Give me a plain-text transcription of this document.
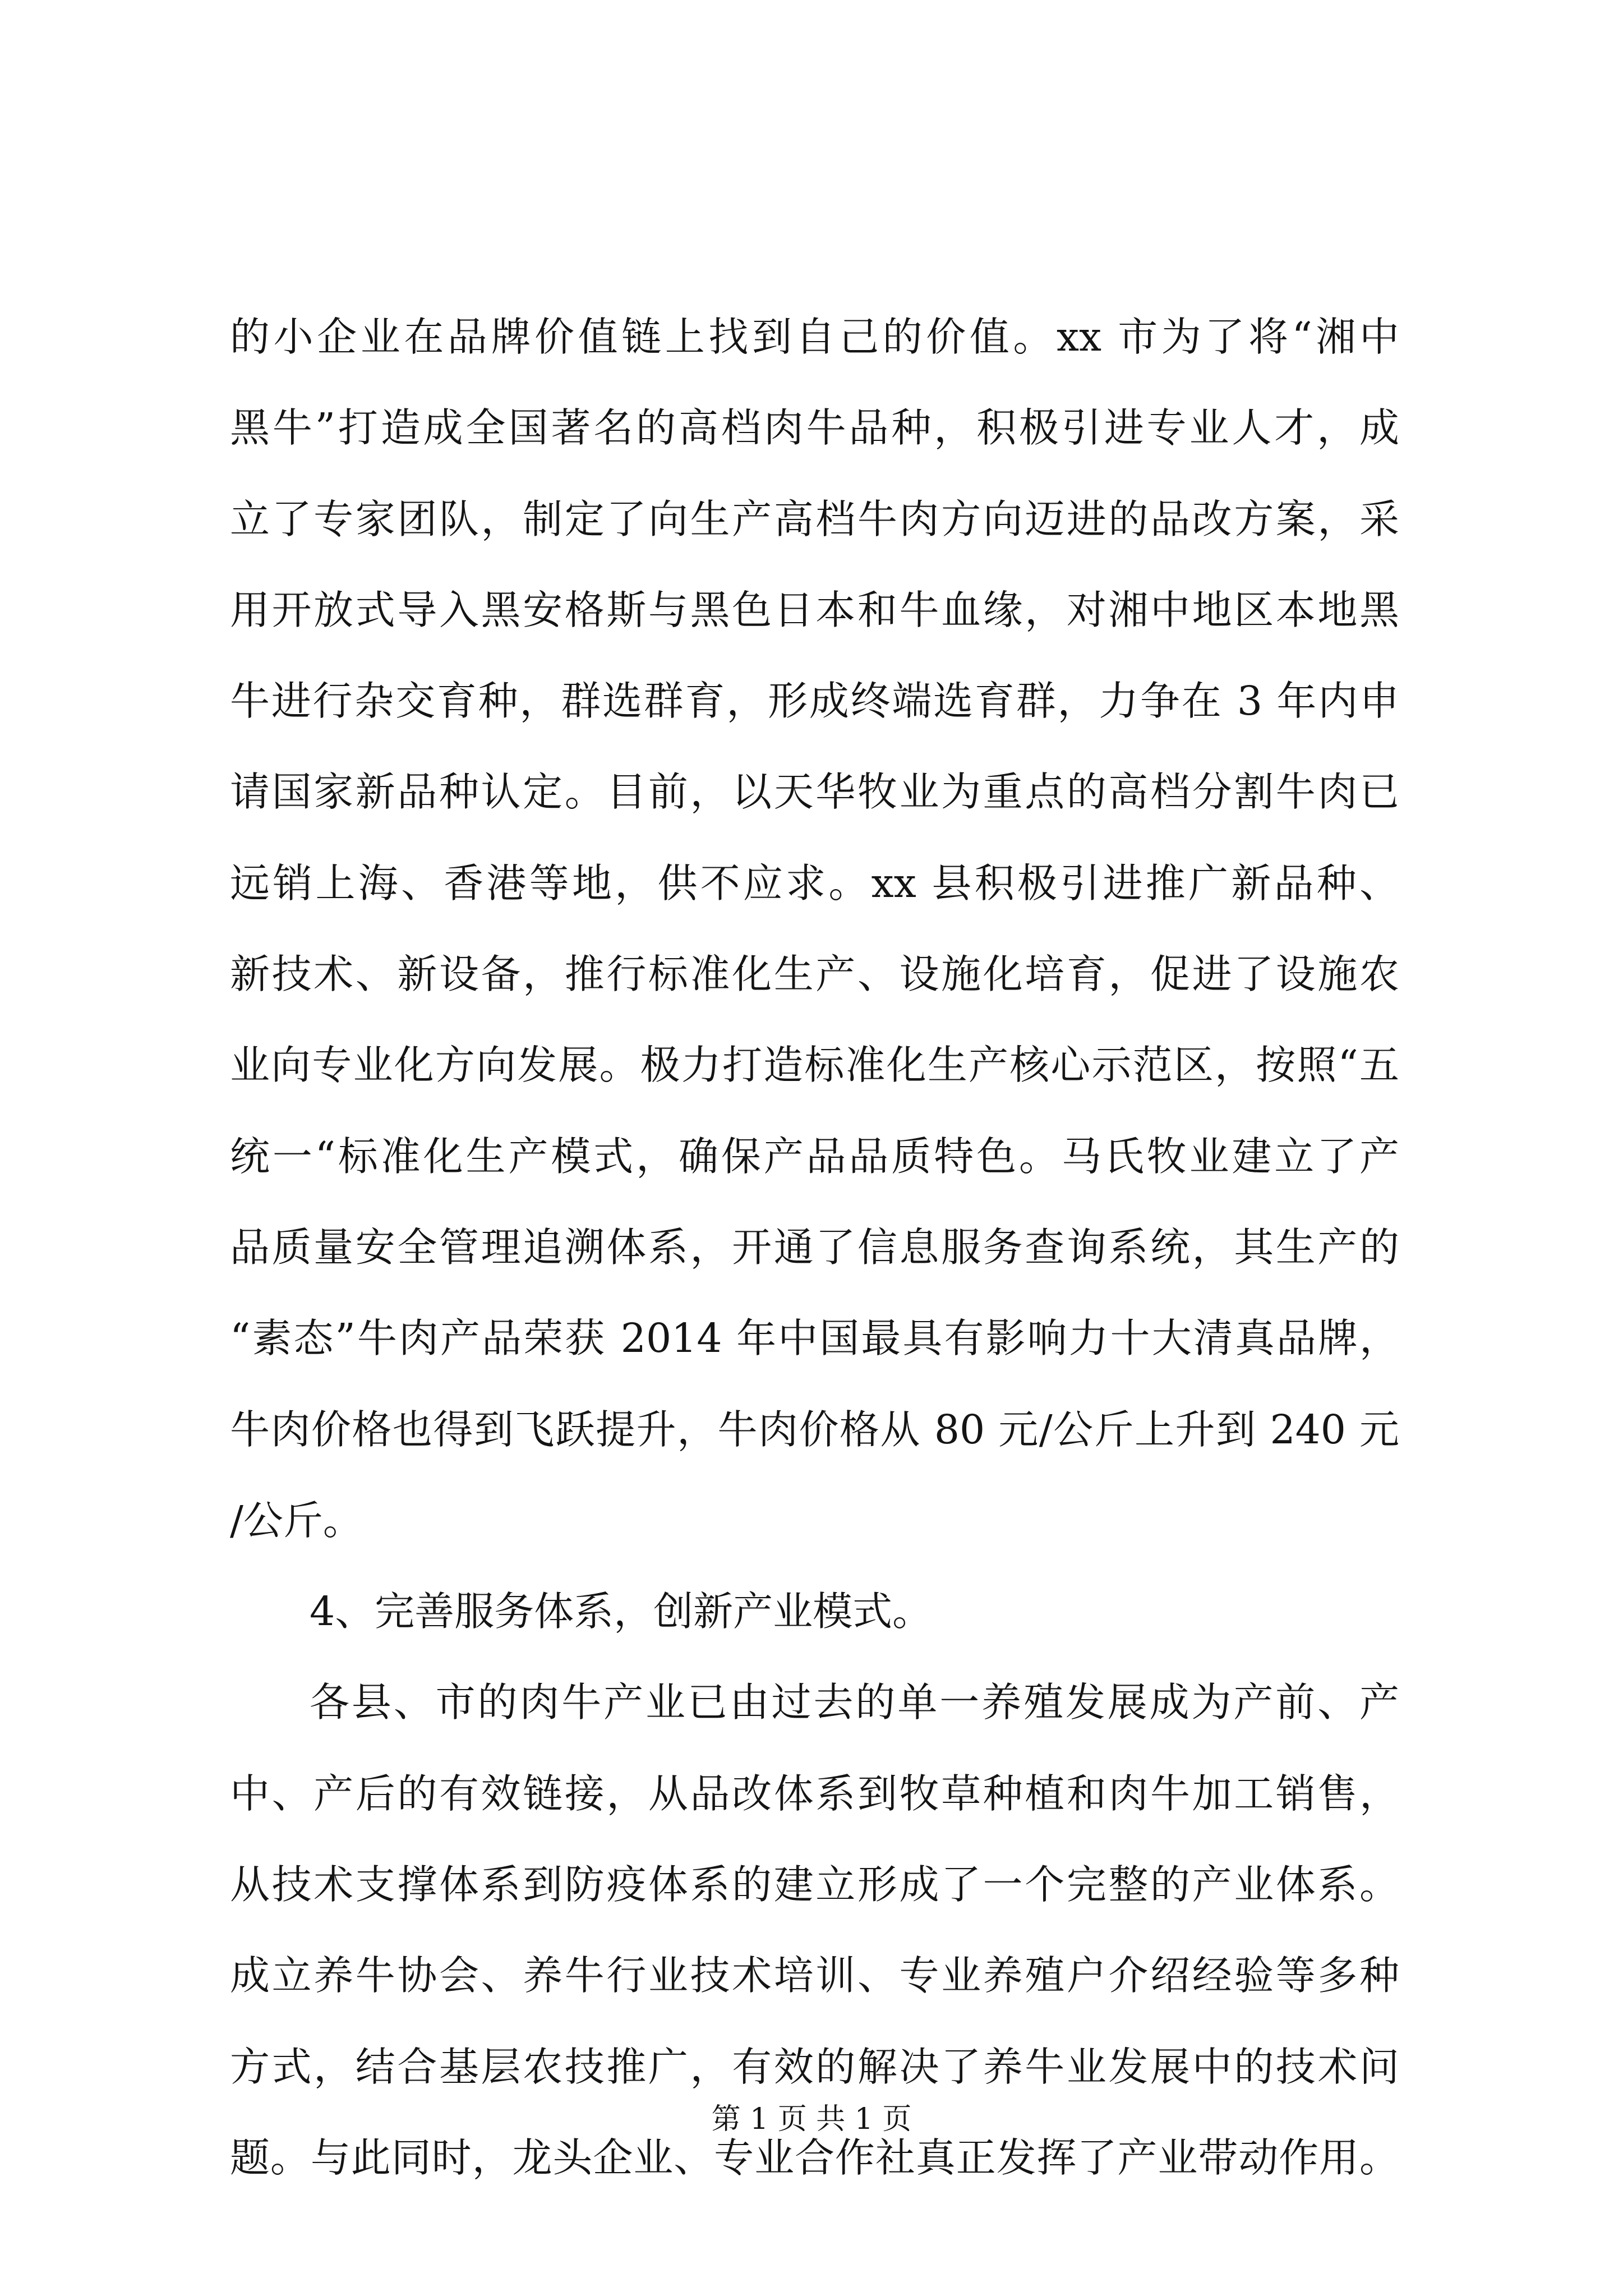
的小企业在品牌价值链上找到自己的价值。xx 市为了将“湘中
黑牛”打造成全国著名的高档肉牛品种，积极引进专业人才，成
立了专家团队，制定了向生产高档牛肉方向迈进的品改方案，采
用开放式导入黑安格斯与黑色日本和牛血缘，对湘中地区本地黑
牛进行杂交育种，群选群育，形成终端选育群，力争在 3 年内申
请国家新品种认定。目前，以天华牧业为重点的高档分割牛肉已
远销上海、香港等地，供不应求。xx 县积极引进推广新品种、
新技术、新设备，推行标准化生产、设施化培育，促进了设施农
业向专业化方向发展。极力打造标准化生产核心示范区，按照“五
统一“标准化生产模式，确保产品品质特色。马氏牧业建立了产
品质量安全管理追溯体系，开通了信息服务查询系统，其生产的
“素态”牛肉产品荣获 2014 年中国最具有影响力十大清真品牌，
牛肉价格也得到飞跃提升，牛肉价格从 80 元/公斤上升到 240 元
/公斤。
4、完善服务体系，创新产业模式。
各县、市的肉牛产业已由过去的单一养殖发展成为产前、产
中、产后的有效链接，从品改体系到牧草种植和肉牛加工销售，
从技术支撑体系到防疫体系的建立形成了一个完整的产业体系。
成立养牛协会、养牛行业技术培训、专业养殖户介绍经验等多种
方式，结合基层农技推广，有效的解决了养牛业发展中的技术问
题。与此同时，龙头企业、专业合作社真正发挥了产业带动作用。
第 1 页 共 1 页
